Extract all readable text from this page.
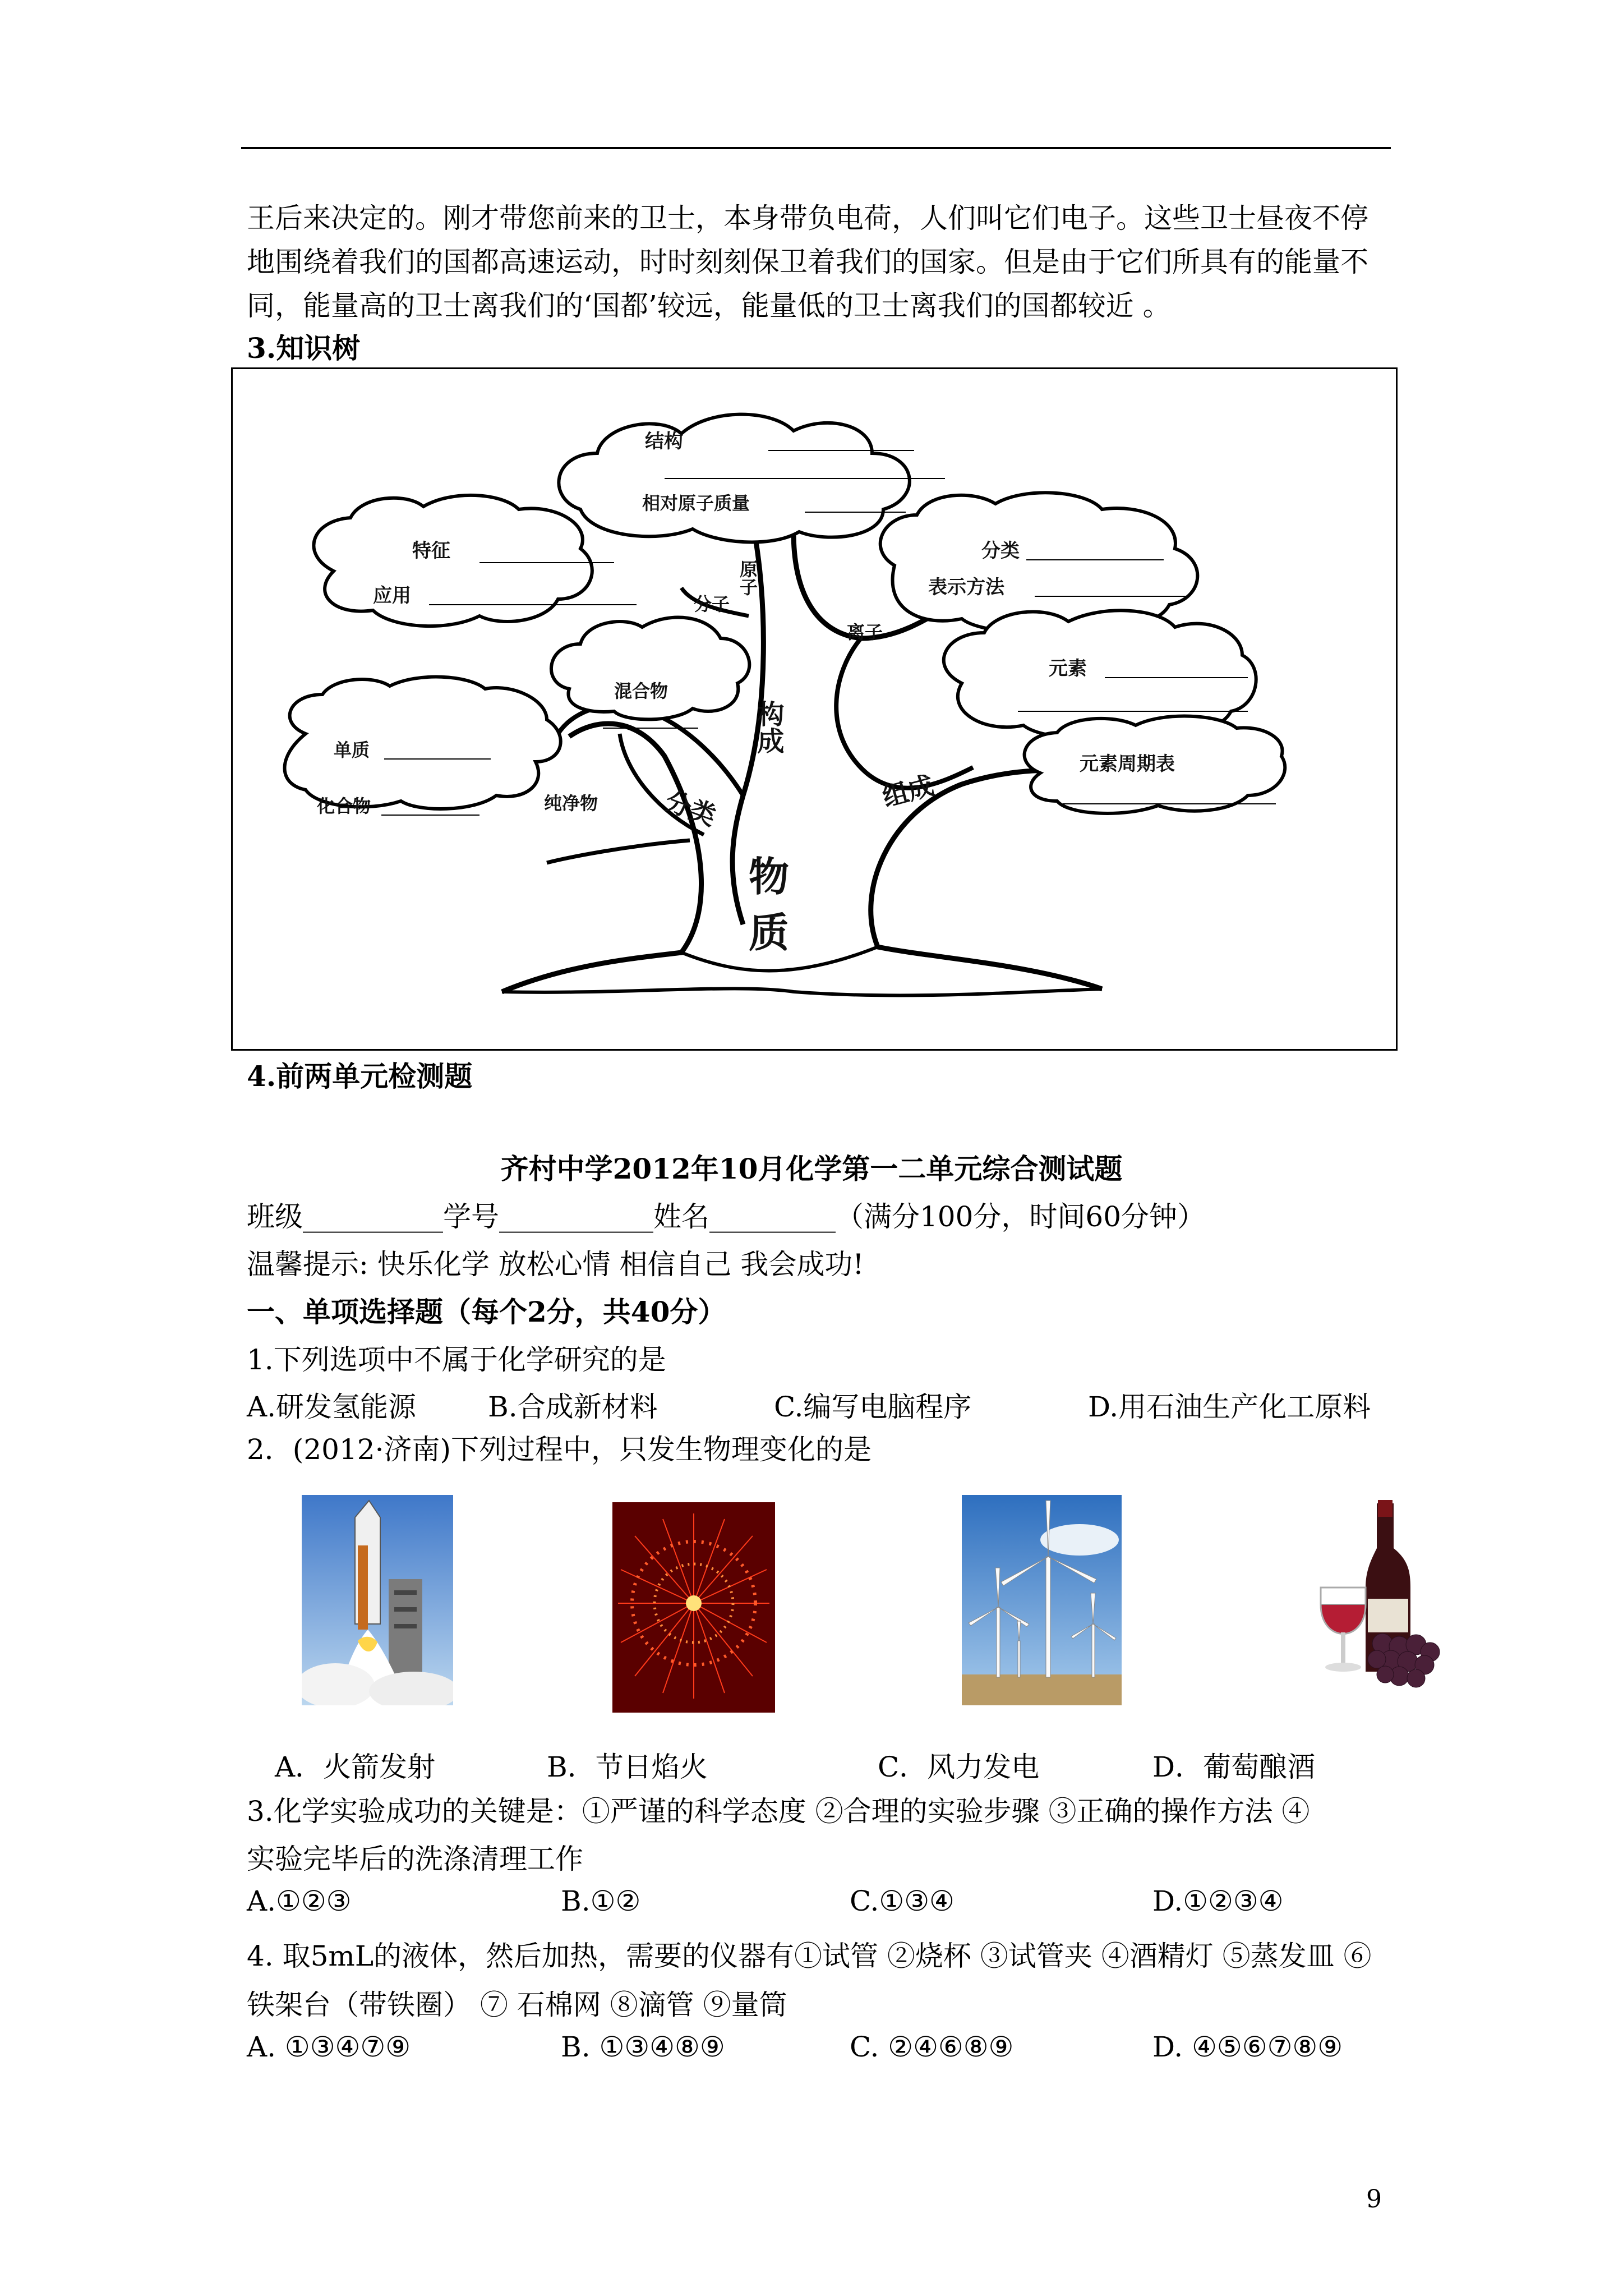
王后来决定的。刚才带您前来的卫士，本身带负电荷，人们叫它们电子。这些卫士昼夜不停
地围绕着我们的国都高速运动，时时刻刻保卫着我们的国家。但是由于它们所具有的能量不
同，能量高的卫士离我们的‘国都’较远，能量低的卫士离我们的国都较近 。
3.知识树
结构
相对原子质量
特征
应用	原子
分子
分类
表示方法
离子
元素
元素周期表
混合物
构成
单质
化合物	纯净物 分类	组成
物
质
4.前两单元检测题
齐村中学2012年10月化学第一二单元综合测试题
班级__________学号___________姓名_________（满分100分，时间60分钟）
温馨提示: 快乐化学 放松心情 相信自己 我会成功!
一、单项选择题（每个2分，共40分）
1.下列选项中不属于化学研究的是
A.研发氢能源	B.合成新材料	C.编写电脑程序	D.用石油生产化工原料
2．(2012·济南)下列过程中，只发生物理变化的是
A．火箭发射	B．节日焰火	C．风力发电	D．葡萄酿酒
3.化学实验成功的关键是：①严谨的科学态度 ②合理的实验步骤 ③正确的操作方法 ④
实验完毕后的洗涤清理工作
A.①②③	B.①②	C.①③④	D.①②③④
4. 取5mL的液体，然后加热，需要的仪器有①试管 ②烧杯 ③试管夹 ④酒精灯 ⑤蒸发皿 ⑥
铁架台（带铁圈） ⑦ 石棉网 ⑧滴管 ⑨量筒
A. ①③④⑦⑨	B. ①③④⑧⑨	C. ②④⑥⑧⑨	D. ④⑤⑥⑦⑧⑨
9
